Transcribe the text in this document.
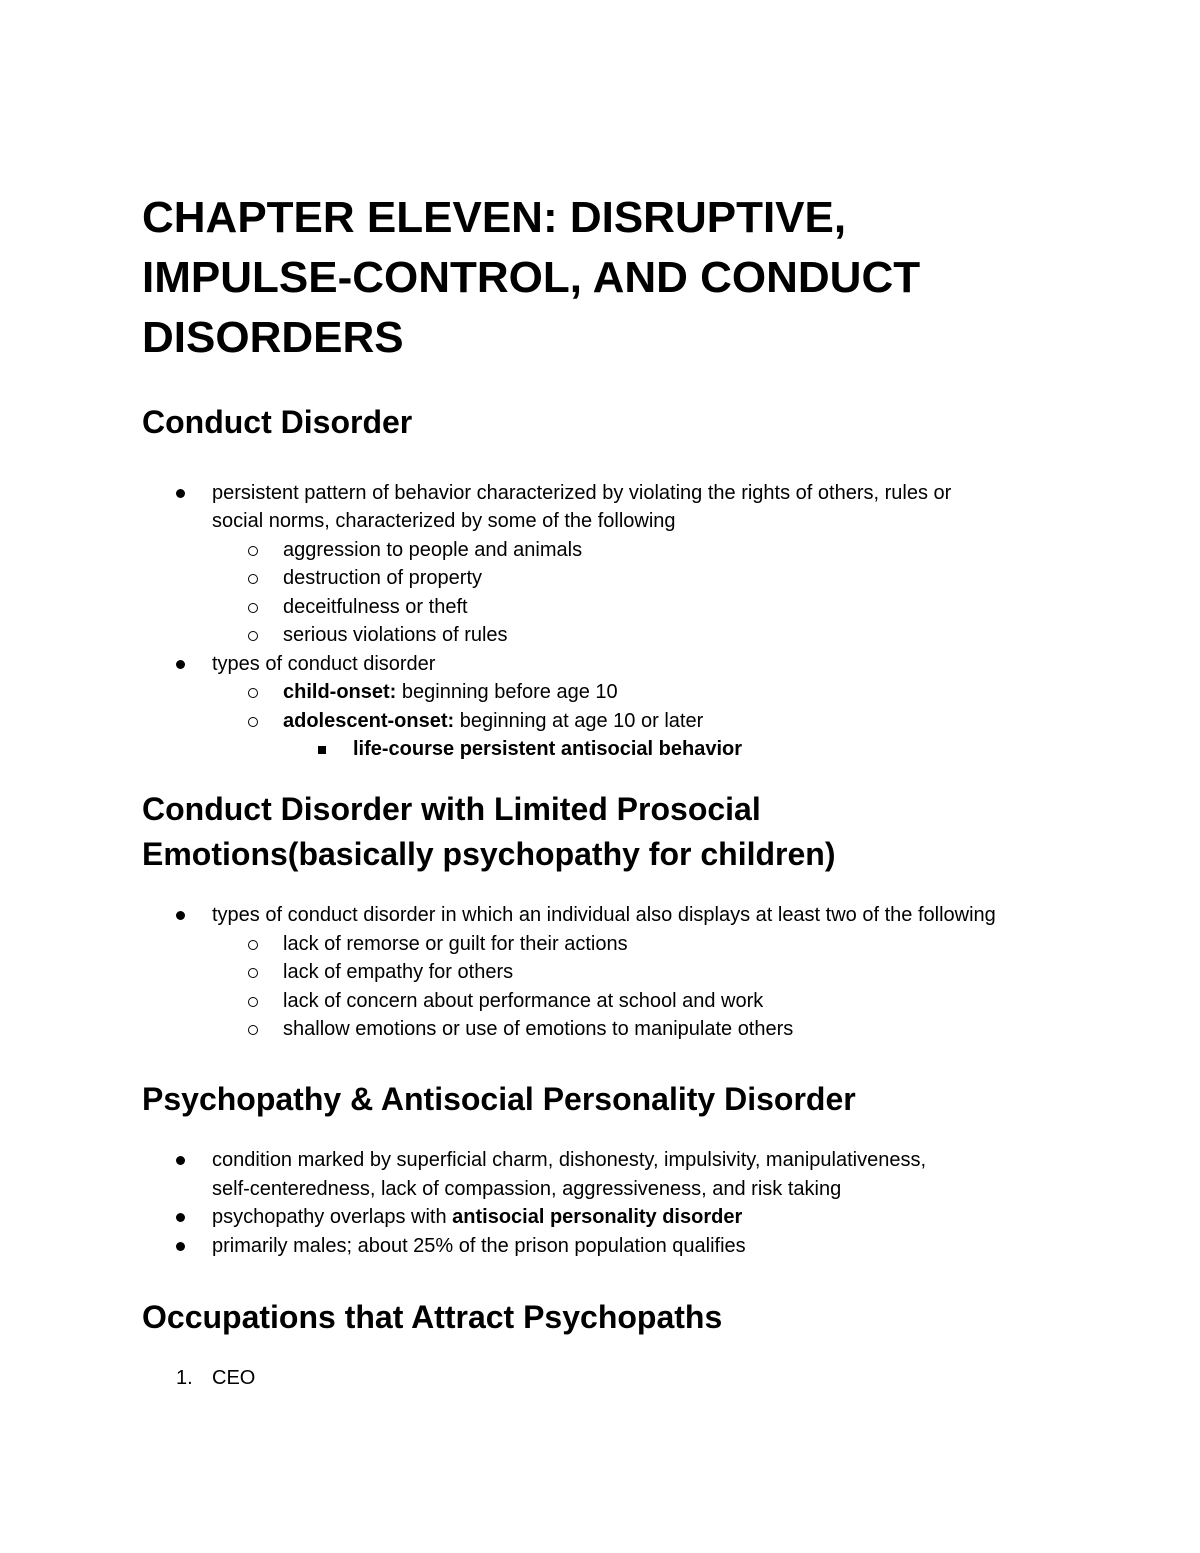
CHAPTER ELEVEN: DISRUPTIVE,
IMPULSE-CONTROL, AND CONDUCT
DISORDERS
Conduct Disorder
persistent pattern of behavior characterized by violating the rights of others, rules or
social norms, characterized by some of the following
aggression to people and animals
destruction of property
deceitfulness or theft
serious violations of rules
types of conduct disorder
child-onset: beginning before age 10
adolescent-onset: beginning at age 10 or later
life-course persistent antisocial behavior
Conduct Disorder with Limited Prosocial
Emotions(basically psychopathy for children)
types of conduct disorder in which an individual also displays at least two of the following
lack of remorse or guilt for their actions
lack of empathy for others
lack of concern about performance at school and work
shallow emotions or use of emotions to manipulate others
Psychopathy & Antisocial Personality Disorder
condition marked by superficial charm, dishonesty, impulsivity, manipulativeness,
self-centeredness, lack of compassion, aggressiveness, and risk taking
psychopathy overlaps with antisocial personality disorder
primarily males; about 25% of the prison population qualifies
Occupations that Attract Psychopaths
1. CEO
